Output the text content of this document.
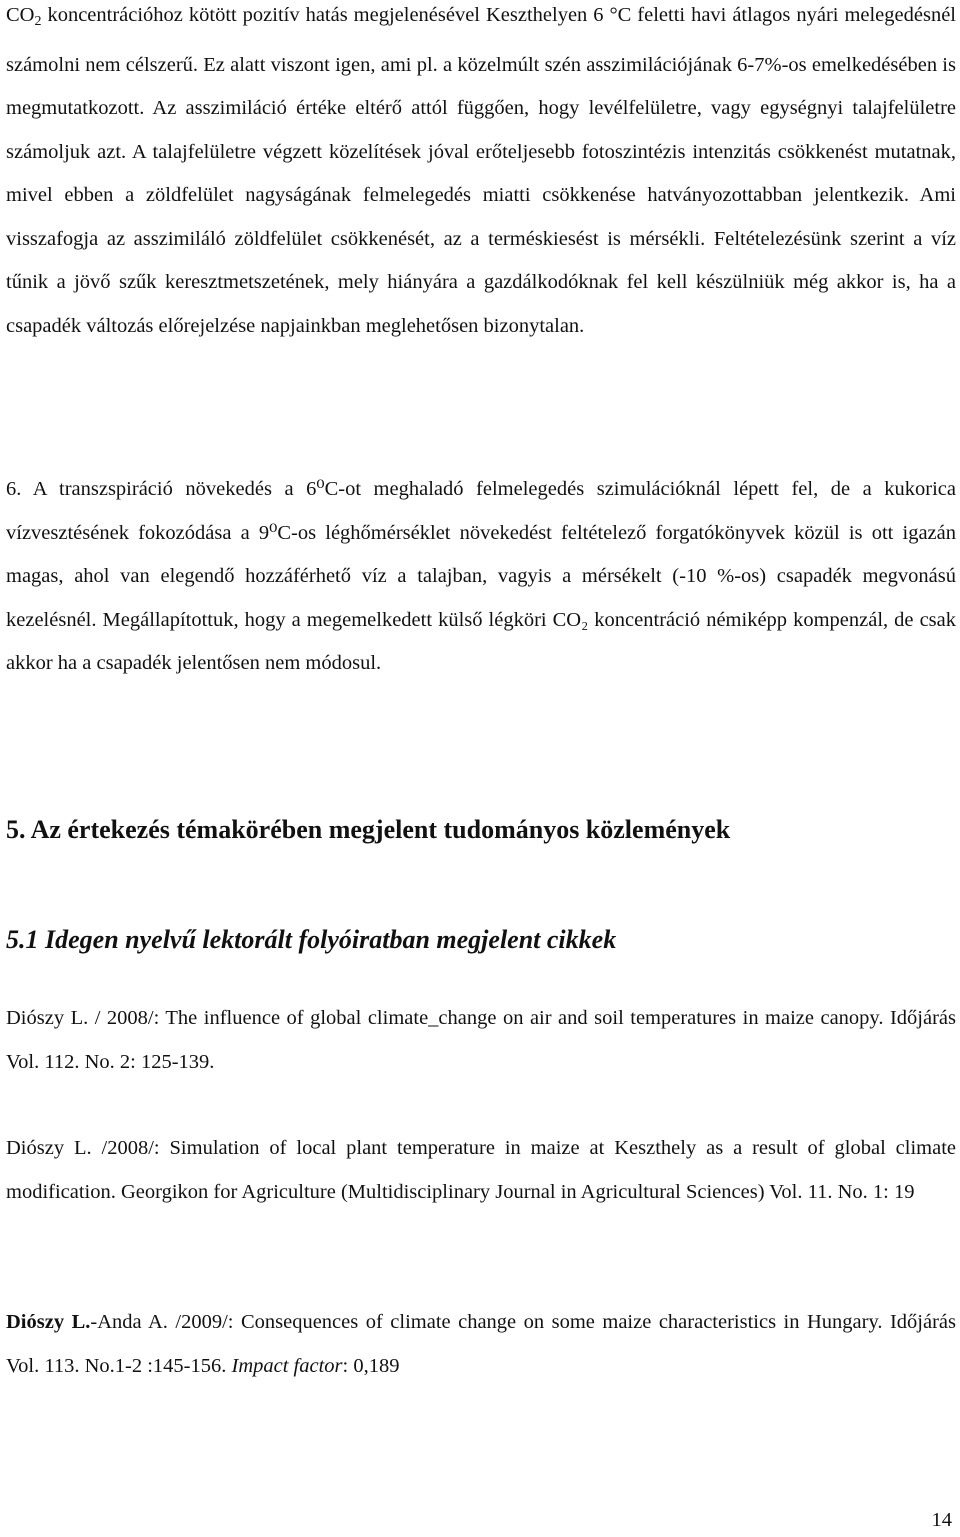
$CO_2$ koncentrációhoz kötött pozitív hatás megjelenésével Keszthelyen 6 °C feletti havi átlagos nyári melegedésnél számolni nem célszerű. Ez alatt viszont igen, ami pl. a közelmúlt szén asszimilációjának 6-7%-os emelkedésében is megmutatkozott. Az asszimiláció értéke eltérő attól függően, hogy levélfelületre, vagy egységnyi talajfelületre számoljuk azt. A talajfelületre végzett közelítések jóval erőteljesebb fotoszintézis intenzitás csökkenést mutatnak, mivel ebben a zöldfelület nagyságának felmelegedés miatti csökkenése hatványozottabban jelentkezik. Ami visszafogja az asszimiláló zöldfelület csökkenését, az a terméskiesést is mérsékli. Feltételezésünk szerint a víz tűnik a jövő szűk keresztmetszetének, mely hiányára a gazdálkodóknak fel kell készülniük még akkor is, ha a csapadék változás előrejelzése napjainkban meglehetősen bizonytalan.

6. A transzspiráció növekedés a 6⁰C-ot meghaladó felmelegedés szimulációknál lépett fel, de a kukorica vízvesztésének fokozódása a 9⁰C-os léghőmérséklet növekedést feltételező forgatókönyvek közül is ott igazán magas, ahol van elegendő hozzáférhető víz a talajban, vagyis a mérsékelt (-10 %-os) csapadék megvonású kezelésnél. Megállapítottuk, hogy a megemelkedett külső légköri CO₂ koncentráció némiképp kompenzál, de csak akkor ha a csapadék jelentősen nem módosul.

5. Az értekezés témakörében megjelent tudományos közlemények
5.1 Idegen nyelvű lektorált folyóiratban megjelent cikkek

Diószy L. / 2008/: The influence of global climate_change on air and soil temperatures in maize canopy. Időjárás Vol. 112. No. 2: 125-139.

Diószy L. /2008/: Simulation of local plant temperature in maize at Keszthely as a result of global climate modification. Georgikon for Agriculture (Multidisciplinary Journal in Agricultural Sciences) Vol. 11. No. 1: 19

Diószy L.-Anda A. /2009/: Consequences of climate change on some maize characteristics in Hungary. Időjárás Vol. 113. No.1-2 :145-156. Impact factor: 0,189

14
